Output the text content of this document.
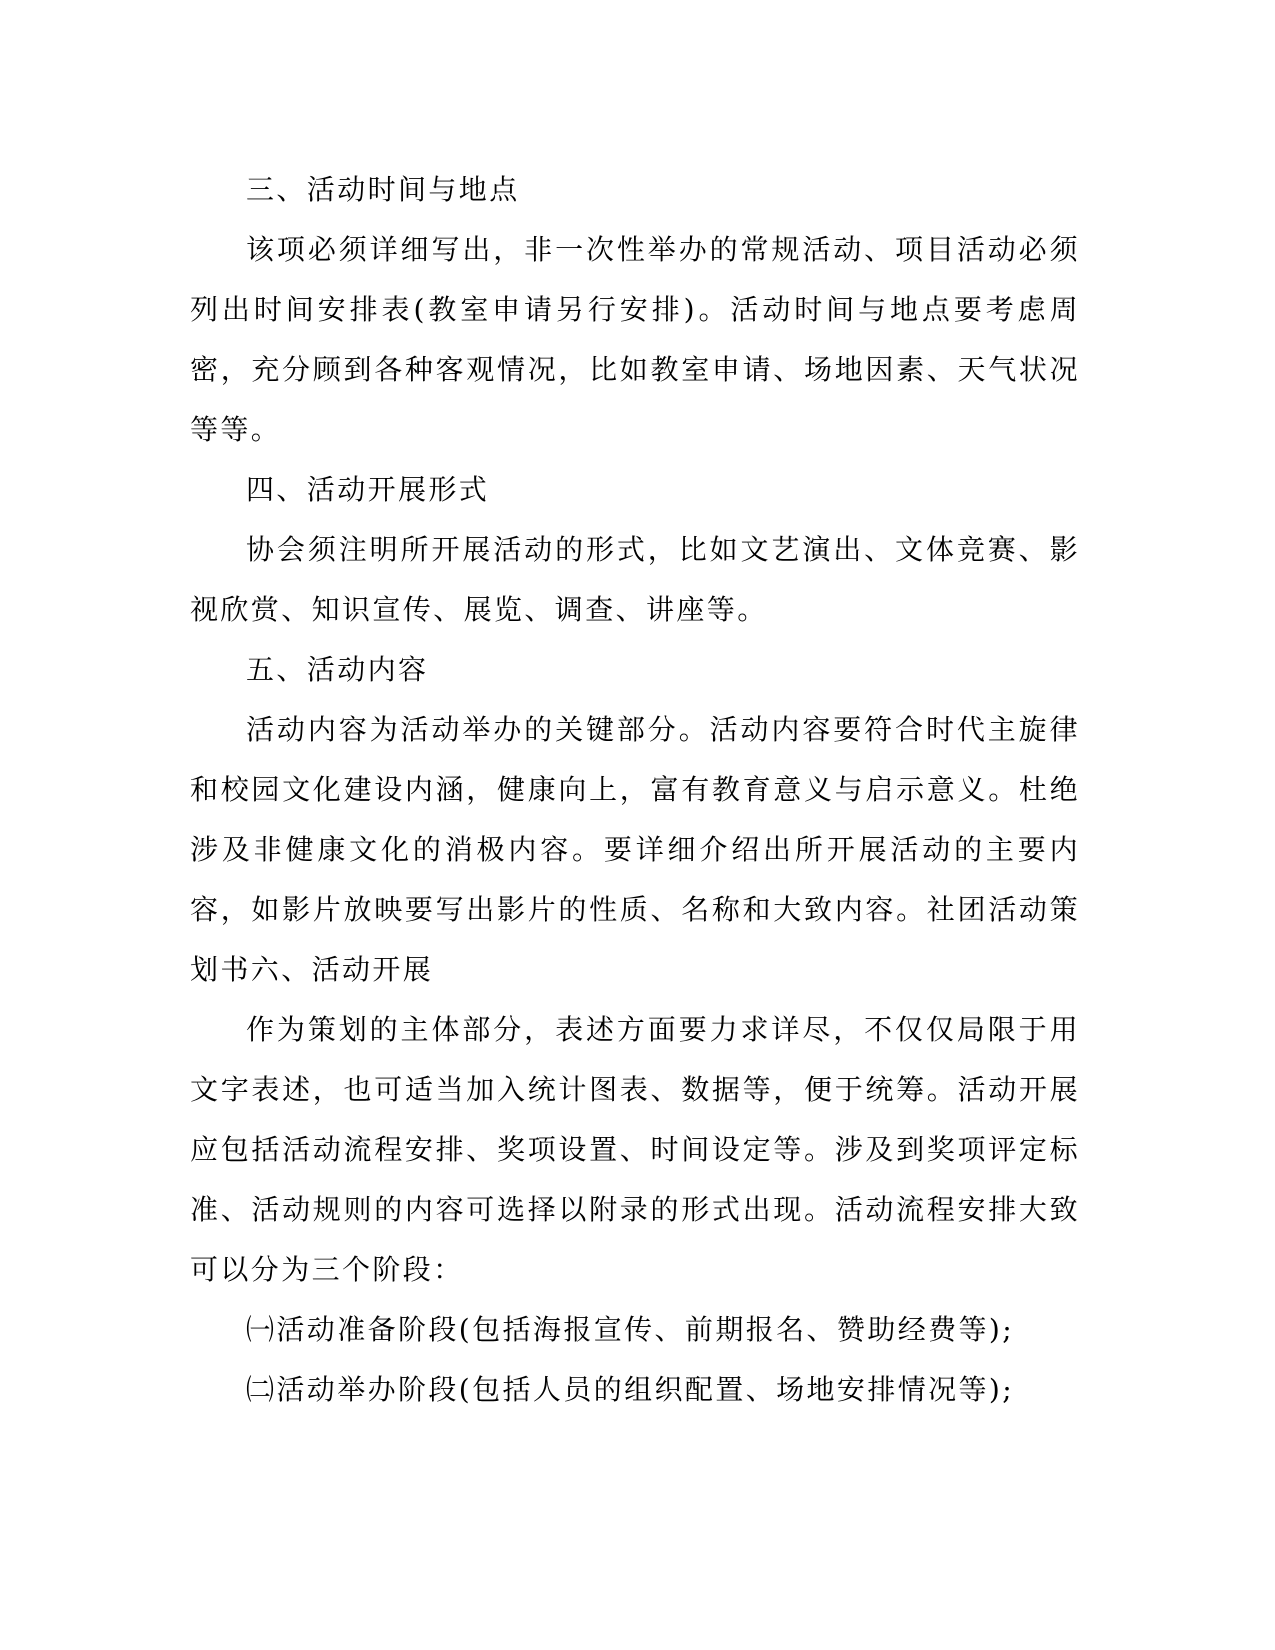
三、活动时间与地点

该项必须详细写出，非一次性举办的常规活动、项目活动必须列出时间安排表(教室申请另行安排)。活动时间与地点要考虑周密，充分顾到各种客观情况，比如教室申请、场地因素、天气状况等等。

四、活动开展形式

协会须注明所开展活动的形式，比如文艺演出、文体竞赛、影视欣赏、知识宣传、展览、调查、讲座等。

五、活动内容

活动内容为活动举办的关键部分。活动内容要符合时代主旋律和校园文化建设内涵，健康向上，富有教育意义与启示意义。杜绝涉及非健康文化的消极内容。要详细介绍出所开展活动的主要内容，如影片放映要写出影片的性质、名称和大致内容。社团活动策划书六、活动开展

作为策划的主体部分，表述方面要力求详尽，不仅仅局限于用文字表述，也可适当加入统计图表、数据等，便于统筹。活动开展应包括活动流程安排、奖项设置、时间设定等。涉及到奖项评定标准、活动规则的内容可选择以附录的形式出现。活动流程安排大致可以分为三个阶段：

㈠活动准备阶段(包括海报宣传、前期报名、赞助经费等);

㈡活动举办阶段(包括人员的组织配置、场地安排情况等);
